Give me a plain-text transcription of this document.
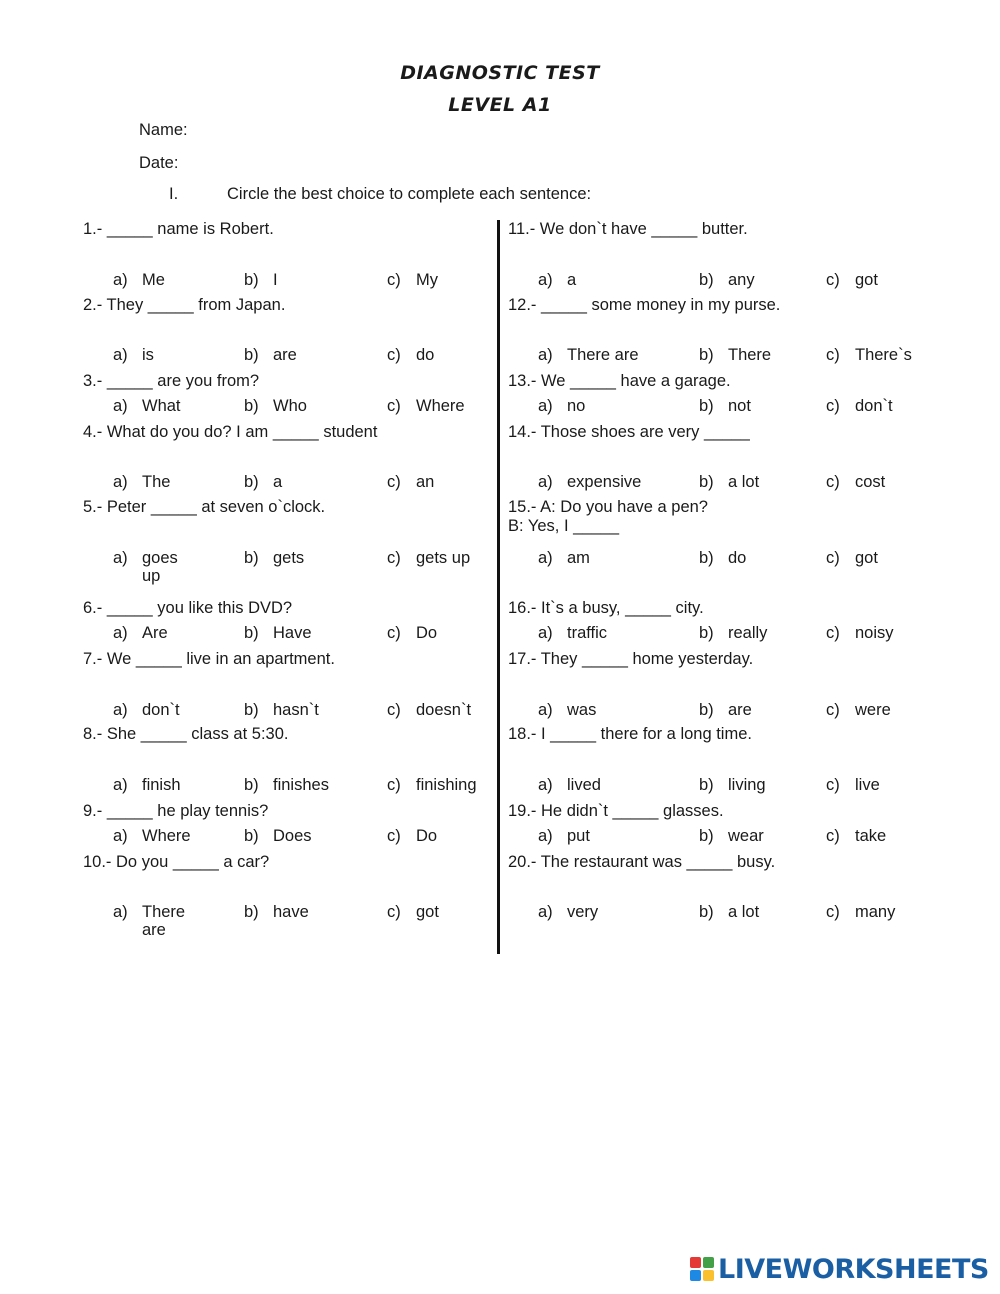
DIAGNOSTIC TEST
LEVEL A1
Name:
Date:
I.	Circle the best choice to complete each sentence:
1.- _____ name is Robert.
a) Me	b) I	c) My
2.- They _____ from Japan.
a) is	b) are	c) do
3.- _____ are you from?
a) What	b) Who	c) Where
4.- What do you do? I am _____ student
a) The	b) a	c) an
5.- Peter _____ at seven o`clock.
a) goes up
b) gets	c) gets up
6.- _____ you like this DVD?
a) Are	b) Have	c) Do
7.- We _____ live in an apartment.
a) don`t	b) hasn`t	c) doesn`t
8.- She _____ class at 5:30.
a) finish	b) finishes	c) finishing
9.- _____ he play tennis?
a) Where	b) Does	c) Do
10.- Do you _____ a car?
a) There are
b) have	c) got
11.- We don`t have _____ butter.
a) a	b) any	c) got
12.- _____ some money in my purse.
a) There are	b) There	c) There`s
13.- We _____ have a garage.
a) no	b) not	c) don`t
14.- Those shoes are very _____
a) expensive	b) a lot	c) cost
15.- A: Do you have a pen?
B: Yes, I _____
a) am	b) do	c) got
16.- It`s a busy, _____ city.
a) traffic	b) really	c) noisy
17.- They _____ home yesterday.
a) was	b) are	c) were
18.- I _____ there for a long time.
a) lived	b) living	c) live
19.- He didn`t _____ glasses.
a) put	b) wear	c) take
20.- The restaurant was _____ busy.
a) very	b) a lot	c) many
LIVEWORKSHEETS
